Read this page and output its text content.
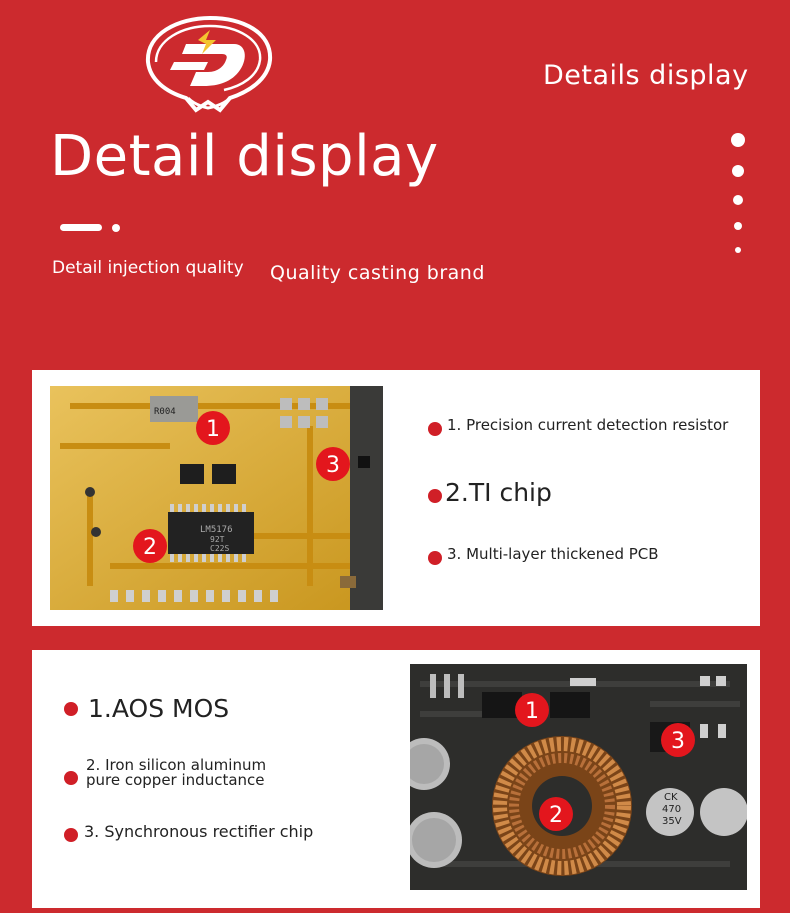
Details display
Detail display
Detail injection quality Quality casting brand
R004
LM5176
92T
C22S
1
2
3
1. Precision current detection resistor
2.TI chip
3. Multi-layer thickened PCB
1.AOS MOS
2. Iron silicon aluminum
pure copper inductance
3. Synchronous rectifier chip
CK
470
35V
1
2
3
